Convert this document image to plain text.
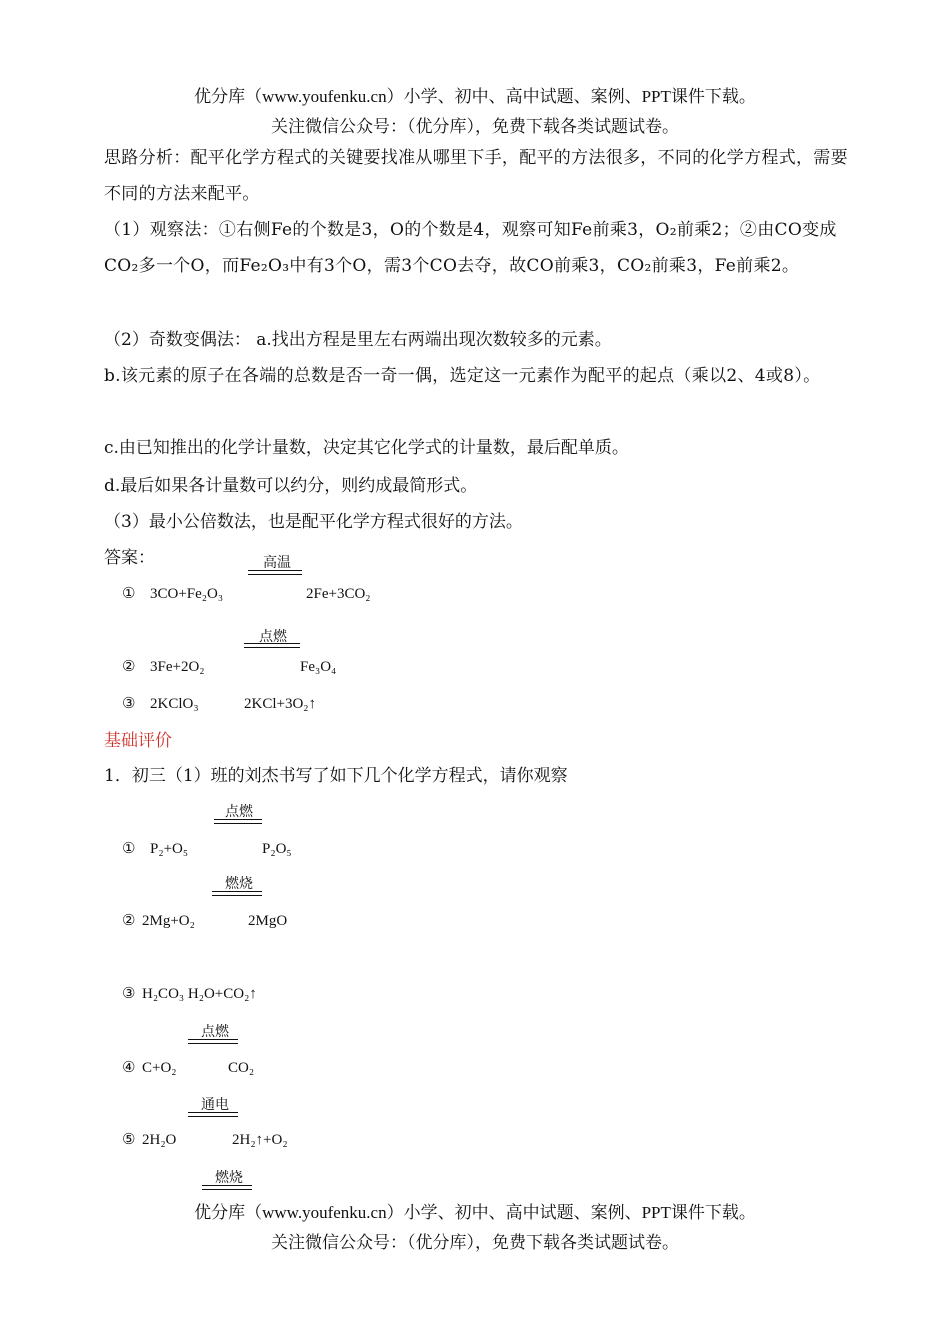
优分库（www.youfenku.cn）小学、初中、高中试题、案例、PPT课件下载。
关注微信公众号：（优分库），免费下载各类试题试卷。
思路分析：配平化学方程式的关键要找准从哪里下手，配平的方法很多，不同的化学方程式，需要不同的方法来配平。
（1）观察法：①右侧Fe的个数是3，O的个数是4，观察可知Fe前乘3，O₂前乘2；②由CO变成CO₂多一个O，而Fe₂O₃中有3个O，需3个CO去夺，故CO前乘3，CO₂前乘3，Fe前乘2。
（2）奇数变偶法： a.找出方程是里左右两端出现次数较多的元素。
b.该元素的原子在各端的总数是否一奇一偶，选定这一元素作为配平的起点（乘以2、4或8）。
c.由已知推出的化学计量数，决定其它化学式的计量数，最后配单质。
d.最后如果各计量数可以约分，则约成最简形式。
（3）最小公倍数法，也是配平化学方程式很好的方法。
答案：	高温
① 3CO+Fe₂O₃	2Fe+3CO₂
点燃
② 3Fe+2O₂	Fe₃O₄
③ 2KClO₃	2KCl+3O₂↑
基础评价
1．初三（1）班的刘杰书写了如下几个化学方程式，请你观察
点燃
① P₂+O₅	P₂O₅
燃烧
② 2Mg+O₂	2MgO
③ H₂CO₃ H₂O+CO₂↑
点燃
④ C+O₂	CO₂
通电
⑤ 2H₂O	2H₂↑+O₂
燃烧
优分库（www.youfenku.cn）小学、初中、高中试题、案例、PPT课件下载。
关注微信公众号：（优分库），免费下载各类试题试卷。
